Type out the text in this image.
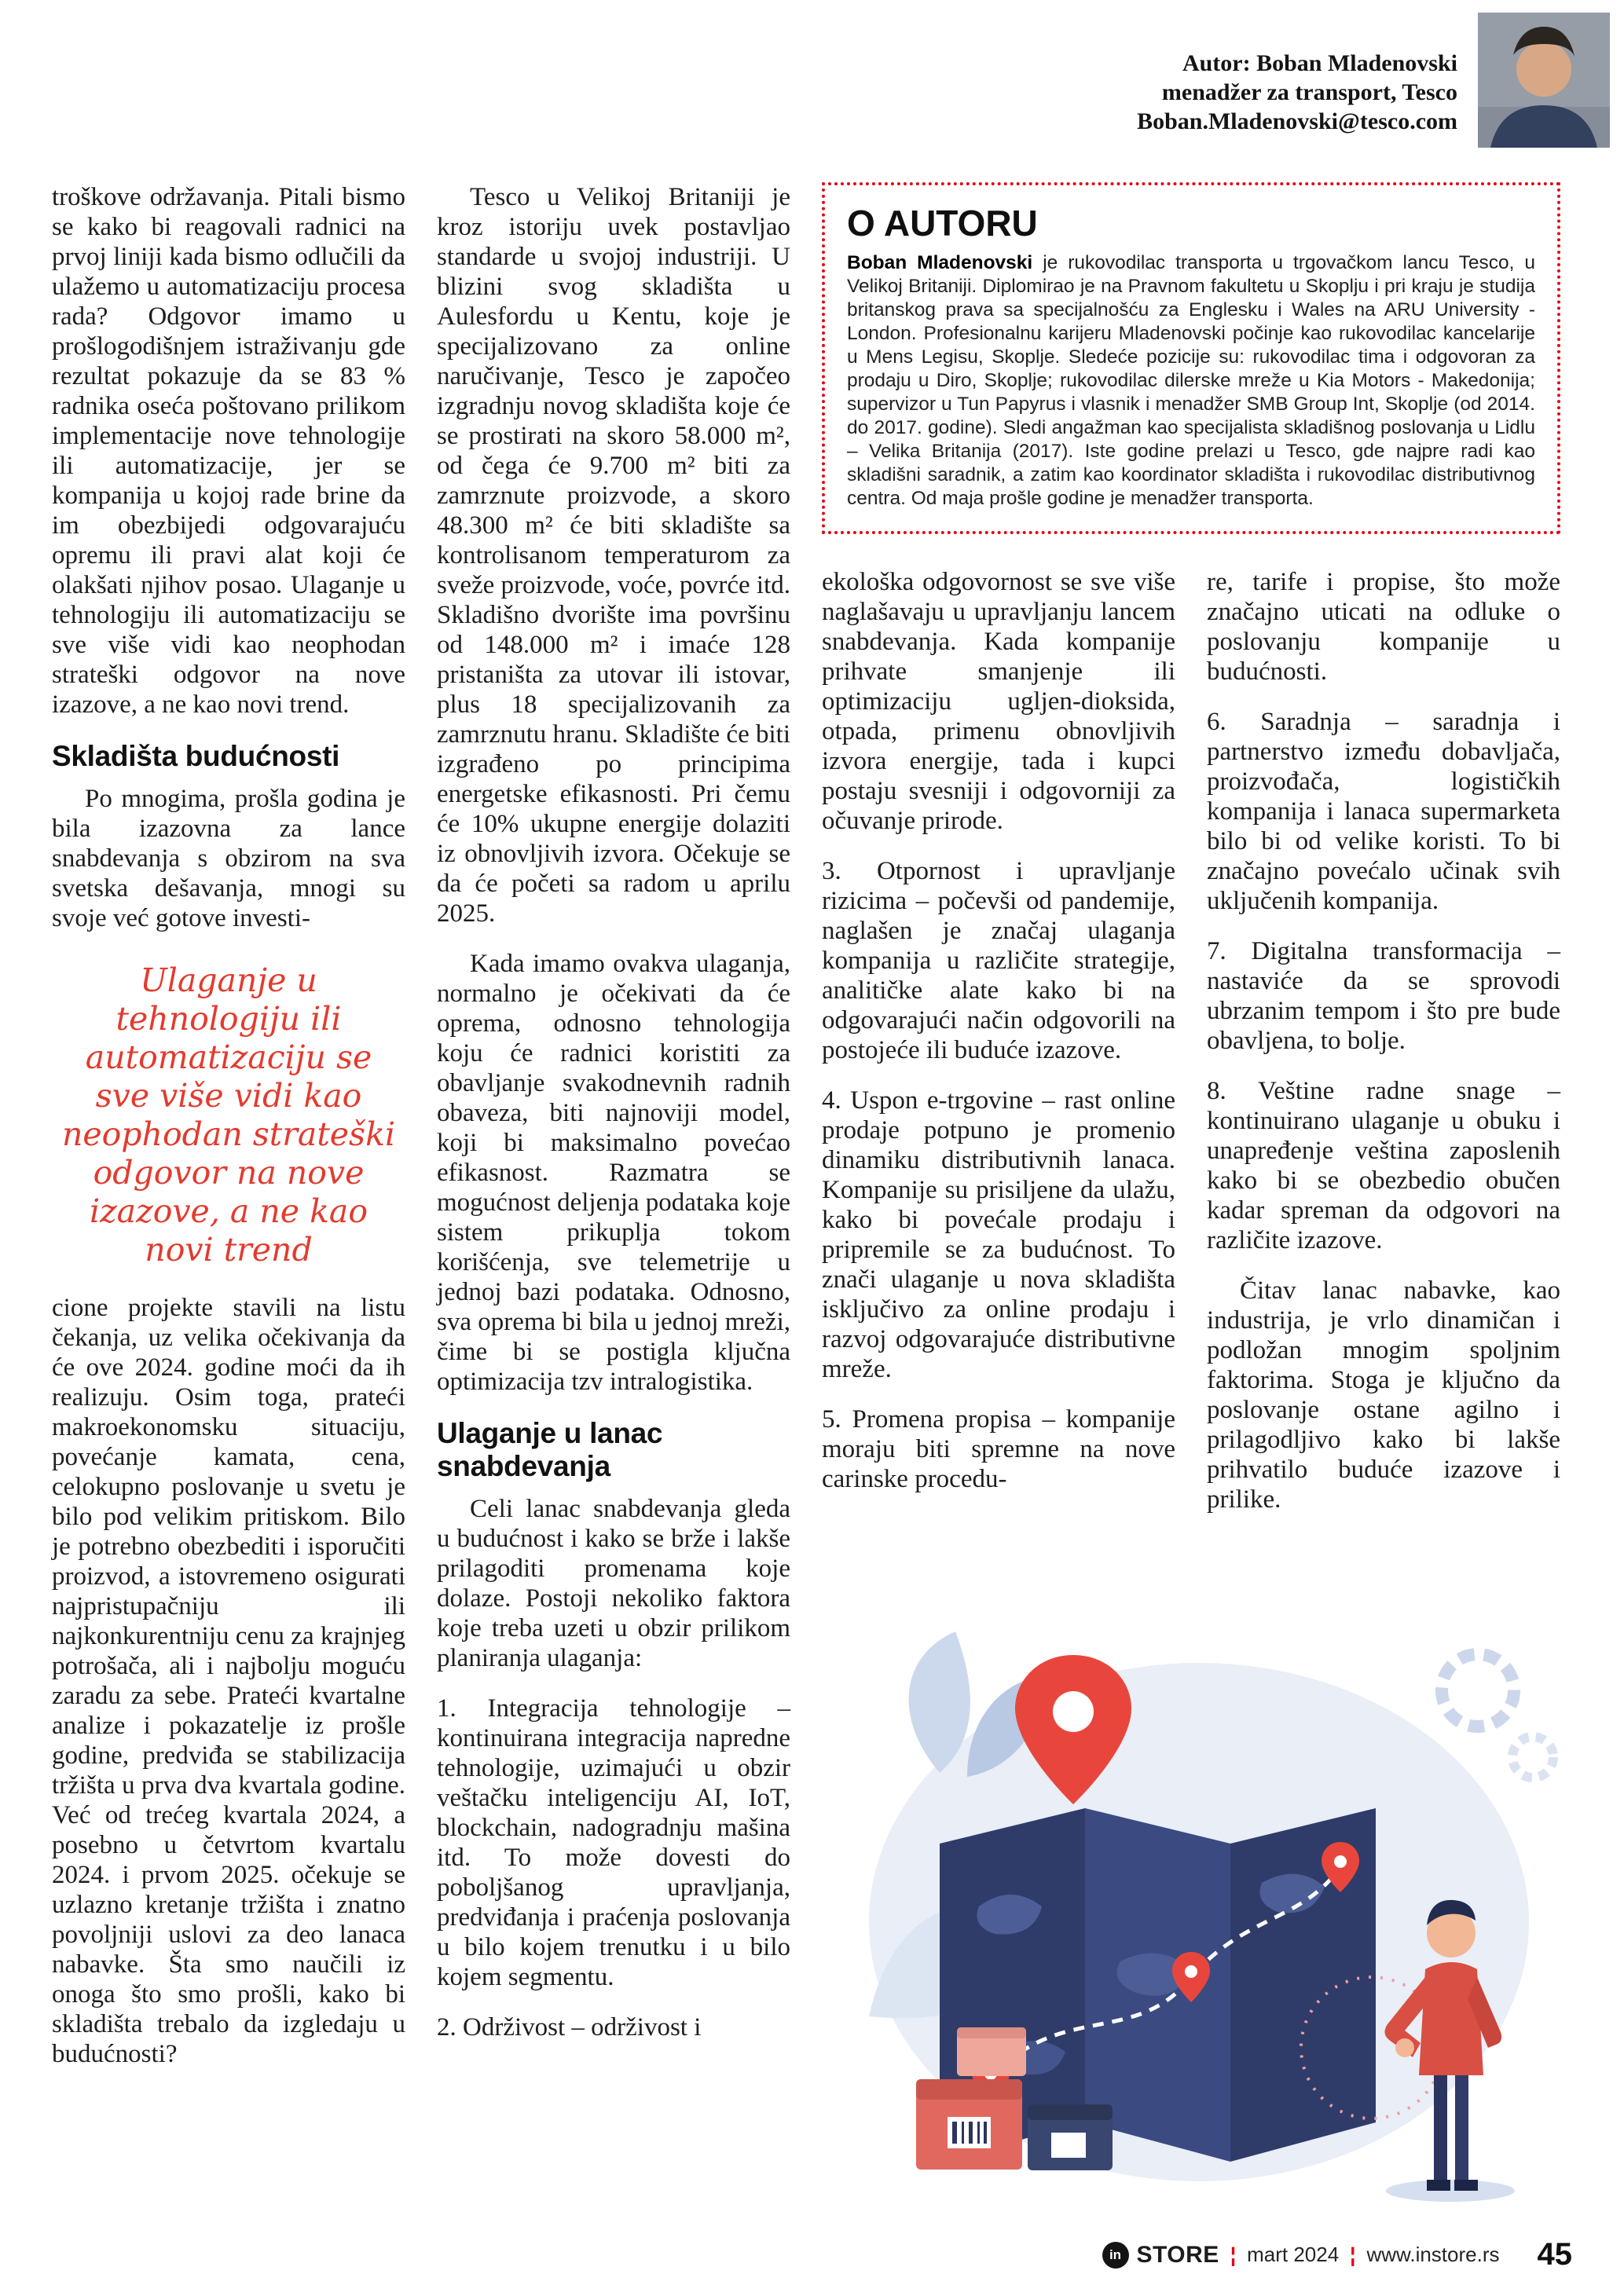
Autor: Boban Mladenovski
menadžer za transport, Tesco
Boban.Mladenovski@tesco.com

troškove održavanja. Pitali bismo se kako bi reagovali radnici na prvoj liniji kada bismo odlučili da ulažemo u automatizaciju procesa rada? Odgovor imamo u prošlogodišnjem istraživanju gde rezultat pokazuje da se 83 % radnika oseća poštovano prilikom implementacije nove tehnologije ili automatizacije, jer se kompanija u kojoj rade brine da im obezbijedi odgovarajuću opremu ili pravi alat koji će olakšati njihov posao. Ulaganje u tehnologiju ili automatizaciju se sve više vidi kao neophodan strateški odgovor na nove izazove, a ne kao novi trend.

Skladišta budućnosti

Po mnogima, prošla godina je bila izazovna za lance snabdevanja s obzirom na sva svetska dešavanja, mnogi su svoje već gotove investi-

Ulaganje u tehnologiju ili automatizaciju se sve više vidi kao neophodan strateški odgovor na nove izazove, a ne kao novi trend

cione projekte stavili na listu čekanja, uz velika očekivanja da će ove 2024. godine moći da ih realizuju. Osim toga, prateći makroekonomsku situaciju, povećanje kamata, cena, celokupno poslovanje u svetu je bilo pod velikim pritiskom. Bilo je potrebno obezbediti i isporučiti proizvod, a istovremeno osigurati najpristupačniju ili najkonkurentniju cenu za krajnjeg potrošača, ali i najbolju moguću zaradu za sebe. Prateći kvartalne analize i pokazatelje iz prošle godine, predviđa se stabilizacija tržišta u prva dva kvartala godine. Već od trećeg kvartala 2024, a posebno u četvrtom kvartalu 2024. i prvom 2025. očekuje se uzlazno kretanje tržišta i znatno povoljniji uslovi za deo lanaca nabavke. Šta smo naučili iz onoga što smo prošli, kako bi skladišta trebalo da izgledaju u budućnosti?

Tesco u Velikoj Britaniji je kroz istoriju uvek postavljao standarde u svojoj industriji. U blizini svog skladišta u Aulesfordu u Kentu, koje je specijalizovano za online naručivanje, Tesco je započeo izgradnju novog skladišta koje će se prostirati na skoro 58.000 m², od čega će 9.700 m² biti za zamrznute proizvode, a skoro 48.300 m² će biti skladište sa kontrolisanom temperaturom za sveže proizvode, voće, povrće itd. Skladišno dvorište ima površinu od 148.000 m² i imaće 128 pristaništa za utovar ili istovar, plus 18 specijalizovanih za zamrznutu hranu. Skladište će biti izgrađeno po principima energetske efikasnosti. Pri čemu će 10% ukupne energije dolaziti iz obnovljivih izvora. Očekuje se da će početi sa radom u aprilu 2025.

Kada imamo ovakva ulaganja, normalno je očekivati da će oprema, odnosno tehnologija koju će radnici koristiti za obavljanje svakodnevnih radnih obaveza, biti najnoviji model, koji bi maksimalno povećao efikasnost. Razmatra se mogućnost deljenja podataka koje sistem prikuplja tokom korišćenja, sve telemetrije u jednoj bazi podataka. Odnosno, sva oprema bi bila u jednoj mreži, čime bi se postigla ključna optimizacija tzv intralogistika.

Ulaganje u lanac snabdevanja

Celi lanac snabdevanja gleda u budućnost i kako se brže i lakše prilagoditi promenama koje dolaze. Postoji nekoliko faktora koje treba uzeti u obzir prilikom planiranja ulaganja:

1. Integracija tehnologije – kontinuirana integracija napredne tehnologije, uzimajući u obzir veštačku inteligenciju AI, IoT, blockchain, nadogradnju mašina itd. To može dovesti do poboljšanog upravljanja, predviđanja i praćenja poslovanja u bilo kojem trenutku i u bilo kojem segmentu.

2. Održivost – održivost i

O AUTORU

Boban Mladenovski je rukovodilac transporta u trgovačkom lancu Tesco, u Velikoj Britaniji. Diplomirao je na Pravnom fakultetu u Skoplju i pri kraju je studija britanskog prava sa specijalnošću za Englesku i Wales na ARU University - London. Profesionalnu karijeru Mladenovski počinje kao rukovodilac kancelarije u Mens Legisu, Skoplje. Sledeće pozicije su: rukovodilac tima i odgovoran za prodaju u Diro, Skoplje; rukovodilac dilerske mreže u Kia Motors - Makedonija; supervizor u Tun Papyrus i vlasnik i menadžer SMB Group Int, Skoplje (od 2014. do 2017. godine). Sledi angažman kao specijalista skladišnog poslovanja u Lidlu – Velika Britanija (2017). Iste godine prelazi u Tesco, gde najpre radi kao skladišni saradnik, a zatim kao koordinator skladišta i rukovodilac distributivnog centra. Od maja prošle godine je menadžer transporta.

ekološka odgovornost se sve više naglašavaju u upravljanju lancem snabdevanja. Kada kompanije prihvate smanjenje ili optimizaciju ugljen-dioksida, otpada, primenu obnovljivih izvora energije, tada i kupci postaju svesniji i odgovorniji za očuvanje prirode.

3. Otpornost i upravljanje rizicima – počevši od pandemije, naglašen je značaj ulaganja kompanija u različite strategije, analitičke alate kako bi na odgovarajući način odgovorili na postojeće ili buduće izazove.

4. Uspon e-trgovine – rast online prodaje potpuno je promenio dinamiku distributivnih lanaca. Kompanije su prisiljene da ulažu, kako bi povećale prodaju i pripremile se za budućnost. To znači ulaganje u nova skladišta isključivo za online prodaju i razvoj odgovarajuće distributivne mreže.

5. Promena propisa – kompanije moraju biti spremne na nove carinske procedu-

re, tarife i propise, što može značajno uticati na odluke o poslovanju kompanije u budućnosti.

6. Saradnja – saradnja i partnerstvo između dobavljača, proizvođača, logističkih kompanija i lanaca supermarketa bilo bi od velike koristi. To bi značajno povećalo učinak svih uključenih kompanija.

7. Digitalna transformacija – nastaviće da se sprovodi ubrzanim tempom i što pre bude obavljena, to bolje.

8. Veštine radne snage – kontinuirano ulaganje u obuku i unapređenje veština zaposlenih kako bi se obezbedio obučen kadar spreman da odgovori na različite izazove.

Čitav lanac nabavke, kao industrija, je vrlo dinamičan i podložan mnogim spoljnim faktorima. Stoga je ključno da poslovanje ostane agilno i prilagodljivo kako bi lakše prihvatilo buduće izazove i prilike.

in STORE ¦ mart 2024 ¦ www.instore.rs 45
